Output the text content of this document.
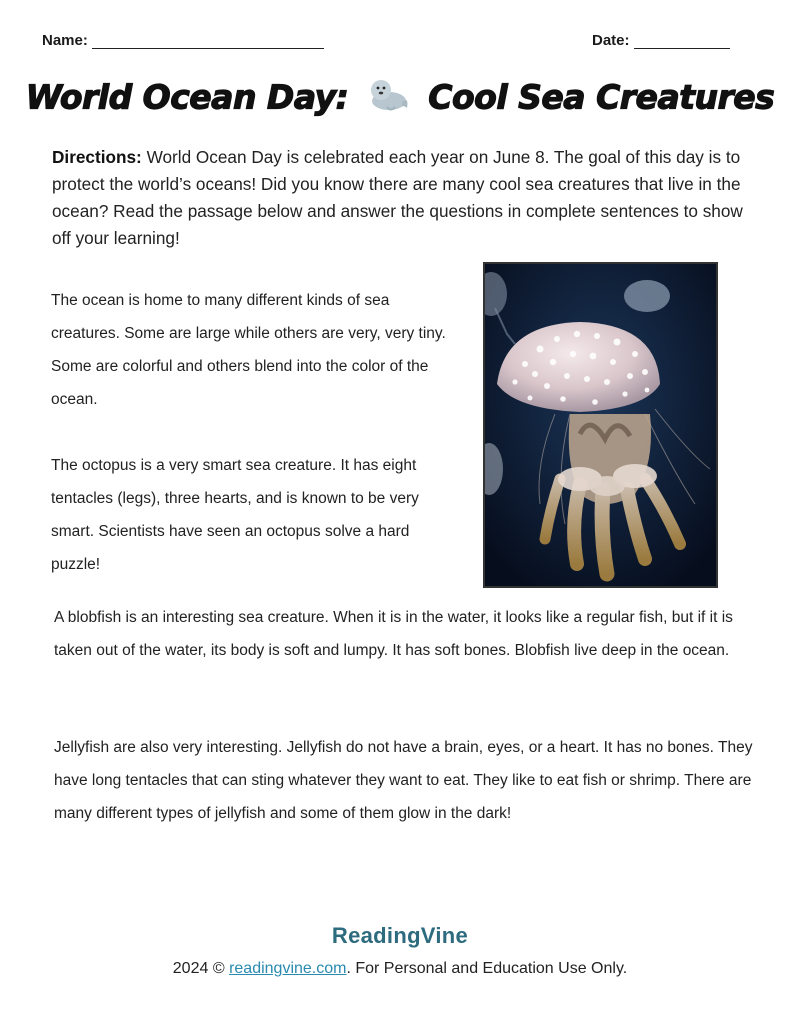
Name:	Date:
World Ocean Day: Cool Sea Creatures
Directions: World Ocean Day is celebrated each year on June 8. The goal of this day is to protect the world’s oceans! Did you know there are many cool sea creatures that live in the ocean? Read the passage below and answer the questions in complete sentences to show off your learning!

The ocean is home to many different kinds of sea creatures. Some are large while others are very, very tiny. Some are colorful and others blend into the color of the ocean.

The octopus is a very smart sea creature. It has eight tentacles (legs), three hearts, and is known to be very smart. Scientists have seen an octopus solve a hard puzzle!

A blobfish is an interesting sea creature. When it is in the water, it looks like a regular fish, but if it is taken out of the water, its body is soft and lumpy. It has soft bones. Blobfish live deep in the ocean.

Jellyfish are also very interesting. Jellyfish do not have a brain, eyes, or a heart. It has no bones. They have long tentacles that can sting whatever they want to eat. They like to eat fish or shrimp. There are many different types of jellyfish and some of them glow in the dark!

ReadingVine
2024 © readingvine.com. For Personal and Education Use Only.
